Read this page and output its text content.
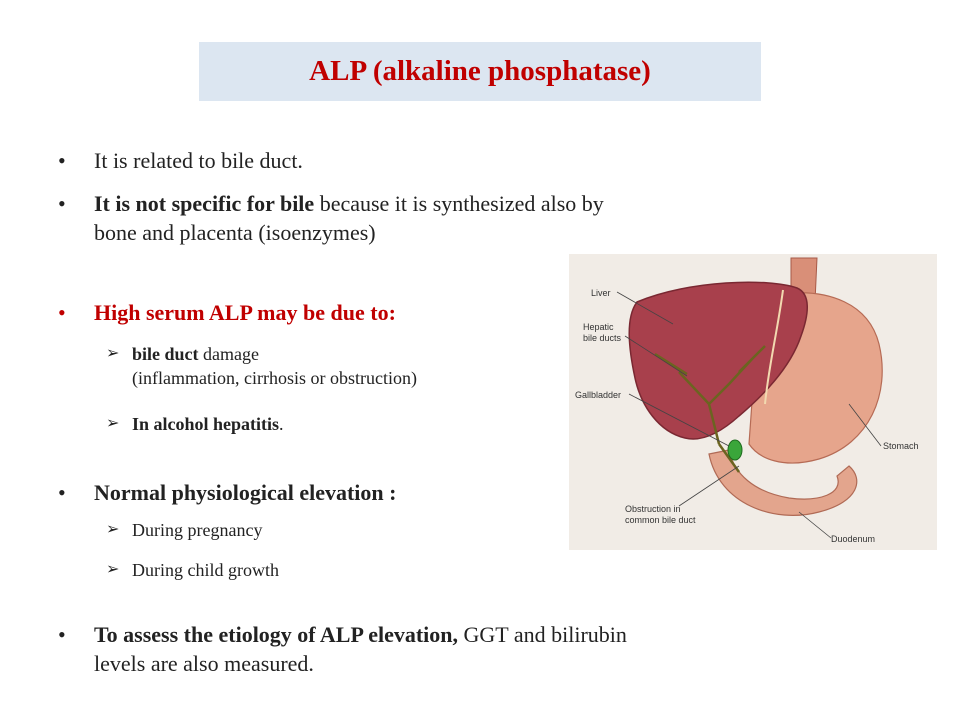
ALP (alkaline phosphatase)
•	It is related to bile duct.
•	It is not specific for bile because it is synthesized also by
bone and placenta (isoenzymes)
•	High serum ALP may be due to:
➢ bile duct damage
(inflammation, cirrhosis or obstruction)
➢ In alcohol hepatitis.
•	Normal physiological elevation :
➢ During pregnancy
➢ During child growth
•	To assess the etiology of ALP elevation, GGT and bilirubin
levels are also measured.
Liver
Hepatic
bile ducts
Gallbladder
Stomach
Obstruction in
common bile duct
Duodenum
